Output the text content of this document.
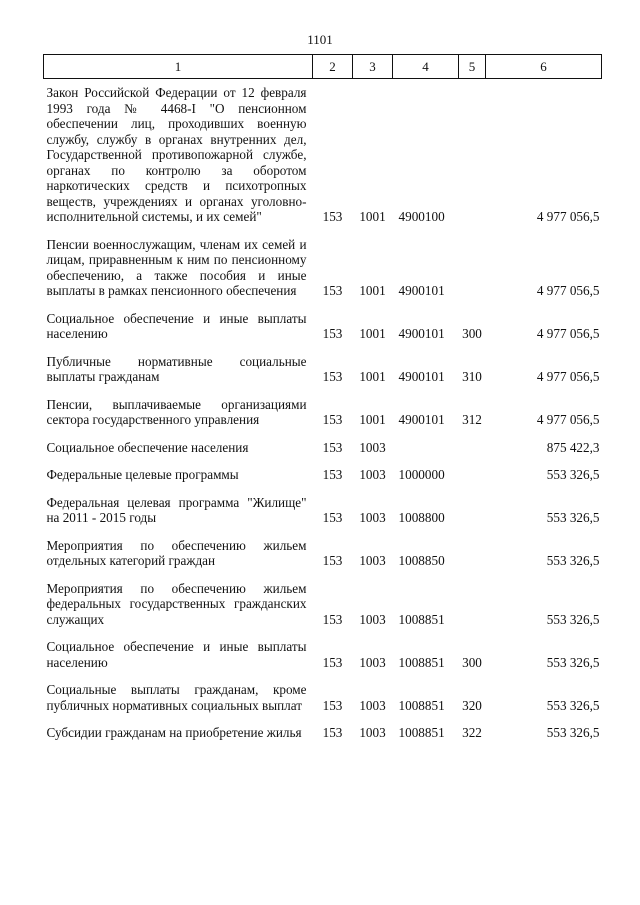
1101
1	2	3	4	5	6
Закон Российской Федерации от 12 февраля 1993 года № 4468-I "О пенсионном обеспечении лиц, проходивших военную службу, службу в органах внутренних дел, Государственной противопожарной службе, органах по контролю за оборотом наркотических средств и психотропных веществ, учреждениях и органах уголовно-исполнительной системы, и их семей"	153	1001	4900100		4 977 056,5
Пенсии военнослужащим, членам их семей и лицам, приравненным к ним по пенсионному обеспечению, а также пособия и иные выплаты в рамках пенсионного обеспечения	153	1001	4900101		4 977 056,5
Социальное обеспечение и иные выплаты населению	153	1001	4900101	300	4 977 056,5
Публичные нормативные социальные выплаты гражданам	153	1001	4900101	310	4 977 056,5
Пенсии, выплачиваемые организациями сектора государственного управления	153	1001	4900101	312	4 977 056,5
Социальное обеспечение населения	153	1003			875 422,3
Федеральные целевые программы	153	1003	1000000		553 326,5
Федеральная целевая программа "Жилище" на 2011 - 2015 годы	153	1003	1008800		553 326,5
Мероприятия по обеспечению жильем отдельных категорий граждан	153	1003	1008850		553 326,5
Мероприятия по обеспечению жильем федеральных государственных гражданских служащих	153	1003	1008851		553 326,5
Социальное обеспечение и иные выплаты населению	153	1003	1008851	300	553 326,5
Социальные выплаты гражданам, кроме публичных нормативных социальных выплат	153	1003	1008851	320	553 326,5
Субсидии гражданам на приобретение жилья	153	1003	1008851	322	553 326,5
